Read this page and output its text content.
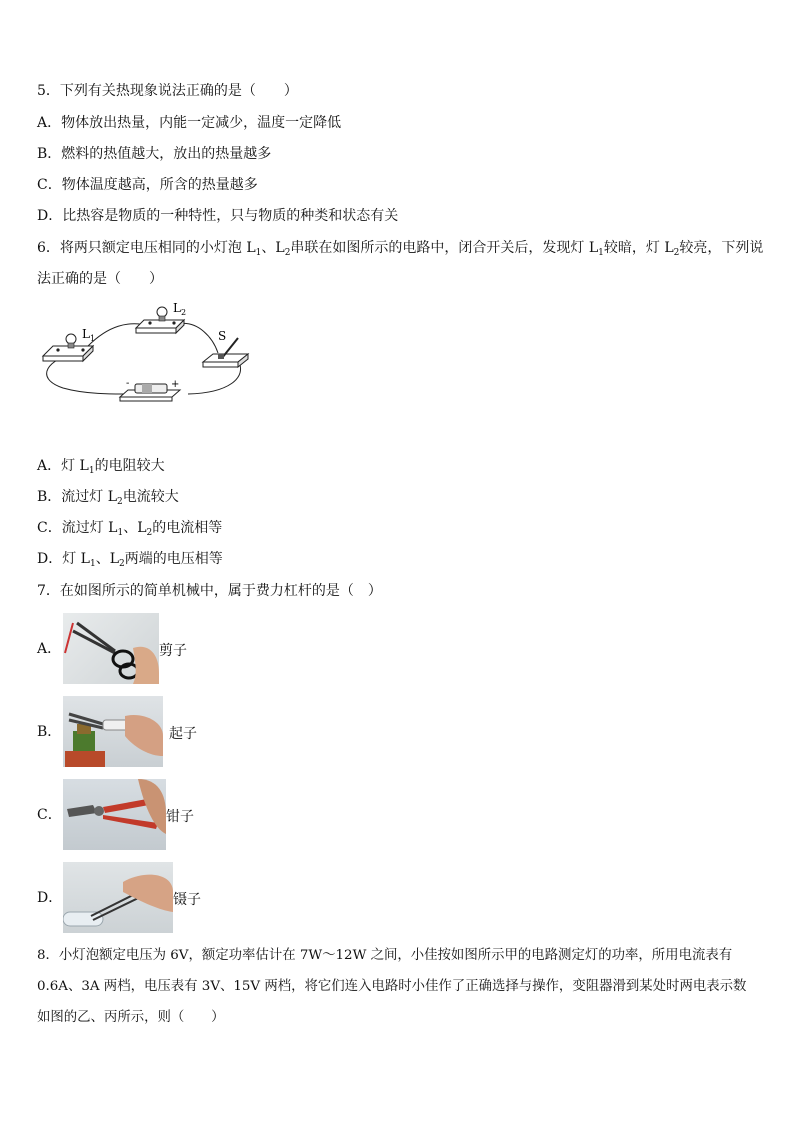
5．下列有关热现象说法正确的是（　　）
A．物体放出热量，内能一定减少，温度一定降低
B．燃料的热值越大，放出的热量越多
C．物体温度越高，所含的热量越多
D．比热容是物质的一种特性，只与物质的种类和状态有关
6．将两只额定电压相同的小灯泡 $L_1$、$L_2$串联在如图所示的电路中，闭合开关后，发现灯 $L_1$较暗，灯 $L_2$较亮，下列说
法正确的是（　　）
$L_1$
$L_2$
S
-	+
A．灯 $L_1$的电阻较大
B．流过灯 $L_2$电流较大
C．流过灯 $L_1$、$L_2$的电流相等
D．灯 $L_1$、$L_2$两端的电压相等
7．在如图所示的简单机械中，属于费力杠杆的是（　）
A．	剪子
B．	起子
C．	钳子
D．	镊子
8．小灯泡额定电压为 6V，额定功率估计在 7W～12W 之间，小佳按如图所示甲的电路测定灯的功率，所用电流表有
0.6A、3A 两档，电压表有 3V、15V 两档，将它们连入电路时小佳作了正确选择与操作，变阻器滑到某处时两电表示数
如图的乙、丙所示，则（　　）
